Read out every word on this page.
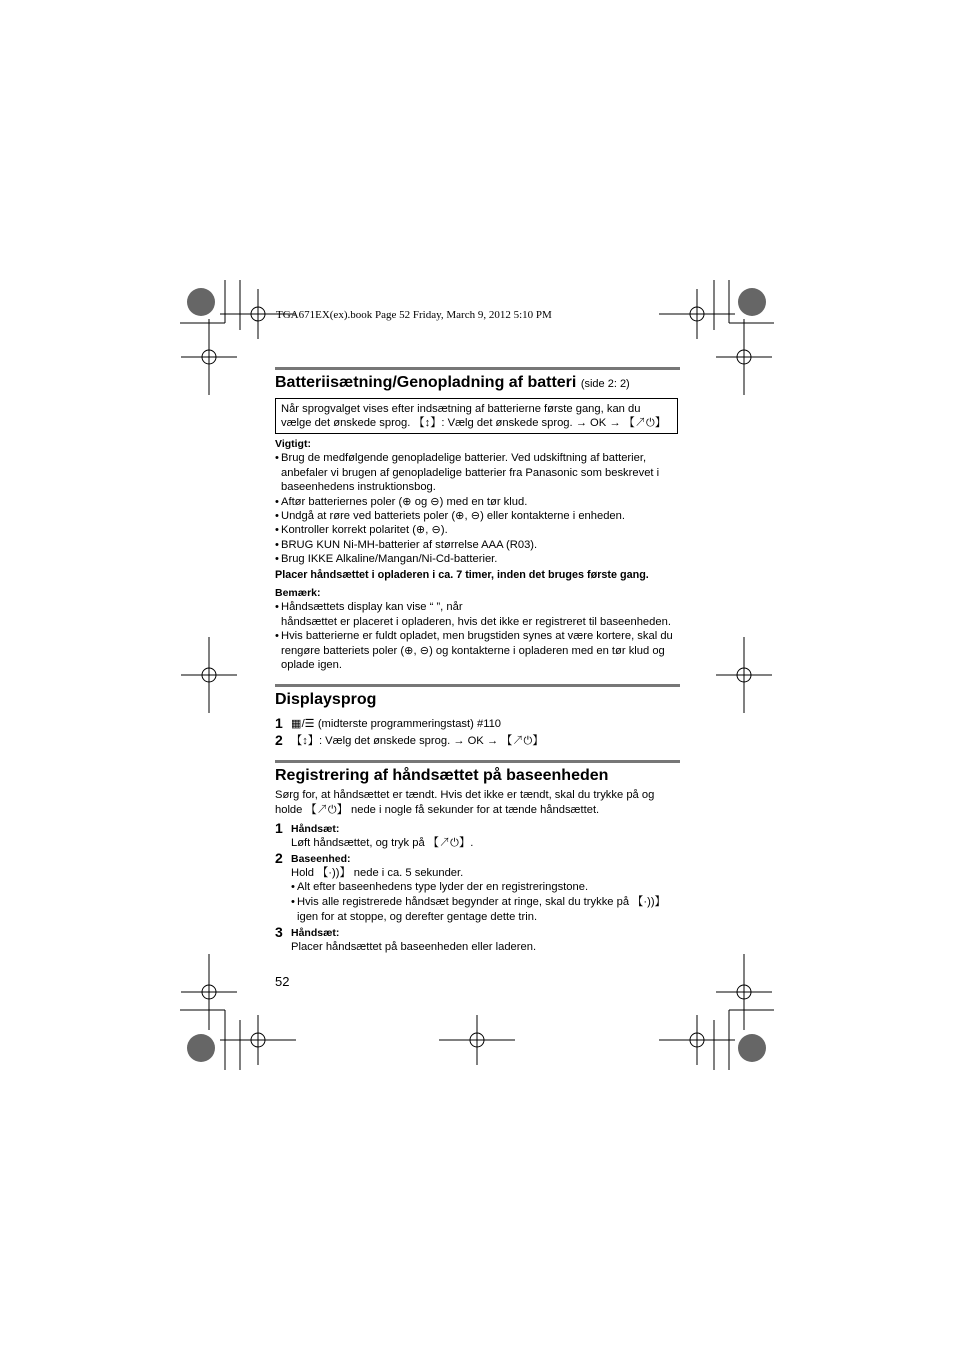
TGA671EX(ex).book Page 52 Friday, March 9, 2012 5:10 PM
Batteriisætning/Genopladning af batteri (side 2: 2)
Når sprogvalget vises efter indsætning af batterierne første gang, kan du
vælge det ønskede sprog. 【↕】: Vælg det ønskede sprog. → OK → 【↗⏻】
Vigtigt:
• Brug de medfølgende genopladelige batterier. Ved udskiftning af batterier,
anbefaler vi brugen af genopladelige batterier fra Panasonic som beskrevet i
baseenhedens instruktionsbog.
• Aftør batteriernes poler (⊕ og ⊖) med en tør klud.
• Undgå at røre ved batteriets poler (⊕, ⊖) eller kontakterne i enheden.
• Kontroller korrekt polaritet (⊕, ⊖).
• BRUG KUN Ni-MH-batterier af størrelse AAA (R03).
• Brug IKKE Alkaline/Mangan/Ni-Cd-batterier.
Placer håndsættet i opladeren i ca. 7 timer, inden det bruges første gang.
Bemærk:
• Håndsættets display kan vise “ ”, når
håndsættet er placeret i opladeren, hvis det ikke er registreret til baseenheden.
• Hvis batterierne er fuldt opladet, men brugstiden synes at være kortere, skal du
rengøre batteriets poler (⊕, ⊖) og kontakterne i opladeren med en tør klud og
oplade igen.
Displaysprog
1 ▦/☰ (midterste programmeringstast) #110
2 【↕】: Vælg det ønskede sprog. → OK → 【↗⏻】
Registrering af håndsættet på baseenheden
Sørg for, at håndsættet er tændt. Hvis det ikke er tændt, skal du trykke på og
holde 【↗⏻】 nede i nogle få sekunder for at tænde håndsættet.
1 Håndsæt:
Løft håndsættet, og tryk på 【↗⏻】.
2 Baseenhed:
Hold 【·))】 nede i ca. 5 sekunder.
• Alt efter baseenhedens type lyder der en registreringstone.
• Hvis alle registrerede håndsæt begynder at ringe, skal du trykke på 【·))】
igen for at stoppe, og derefter gentage dette trin.
3 Håndsæt:
Placer håndsættet på baseenheden eller laderen.
52
